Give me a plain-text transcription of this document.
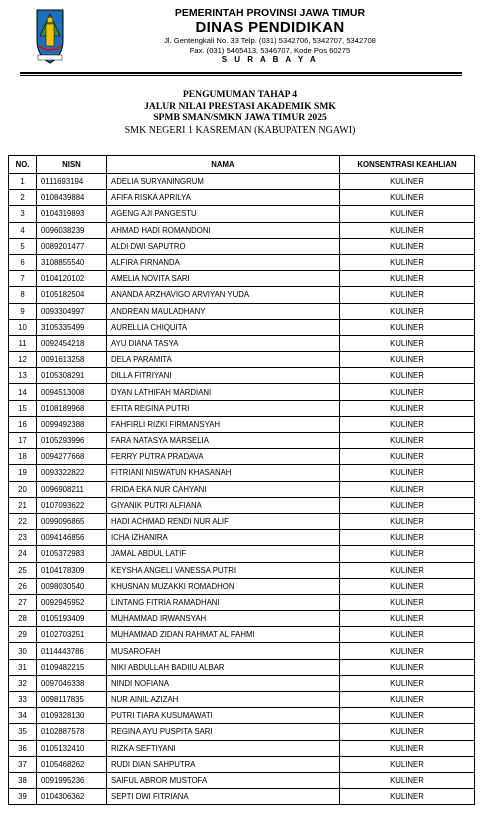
PEMERINTAH PROVINSI JAWA TIMUR
DINAS PENDIDIKAN
Jl. Gentengkali No. 33 Telp. (031) 5342706, 5342707, 5342708
Fax. (031) 5465413, 5346707, Kode Pos 60275
S U R A B A Y A
PENGUMUMAN TAHAP 4
JALUR NILAI PRESTASI AKADEMIK SMK
SPMB SMAN/SMKN JAWA TIMUR 2025
SMK NEGERI 1 KASREMAN (KABUPATEN NGAWI)
NO.	NISN	NAMA	KONSENTRASI KEAHLIAN
1	0111693194	ADELIA SURYANINGRUM	KULINER
2	0108439884	AFIFA RISKA APRILYA	KULINER
3	0104319893	AGENG AJI PANGESTU	KULINER
4	0096038239	AHMAD HADI ROMANDONI	KULINER
5	0089201477	ALDI DWI SAPUTRO	KULINER
6	3108855540	ALFIRA FIRNANDA	KULINER
7	0104120102	AMELIA NOVITA SARI	KULINER
8	0105182504	ANANDA ARZHAVIGO ARVIYAN YUDA	KULINER
9	0093304997	ANDREAN MAULADHANY	KULINER
10	3105335499	AURELLIA CHIQUITA	KULINER
11	0092454218	AYU DIANA TASYA	KULINER
12	0091613258	DELA PARAMITA	KULINER
13	0105308291	DILLA FITRIYANI	KULINER
14	0094513008	DYAN LATHIFAH MARDIANI	KULINER
15	0108189968	EFITA REGINA PUTRI	KULINER
16	0099492388	FAHFIRLI RIZKI FIRMANSYAH	KULINER
17	0105293996	FARA NATASYA MARSELIA	KULINER
18	0094277668	FERRY PUTRA PRADAVA	KULINER
19	0093322822	FITRIANI NISWATUN KHASANAH	KULINER
20	0096908211	FRIDA EKA NUR CAHYANI	KULINER
21	0107093622	GIYANIK PUTRI ALFIANA	KULINER
22	0099096865	HADI ACHMAD RENDI NUR ALIF	KULINER
23	0094146856	ICHA IZHANIRA	KULINER
24	0105372983	JAMAL ABDUL LATIF	KULINER
25	0104178309	KEYSHA ANGELI VANESSA PUTRI	KULINER
26	0098030540	KHUSNAN MUZAKKI ROMADHON	KULINER
27	0092945952	LINTANG FITRIA RAMADHANI	KULINER
28	0105193409	MUHAMMAD IRWANSYAH	KULINER
29	0102703251	MUHAMMAD ZIDAN RAHMAT AL FAHMI	KULINER
30	0114443786	MUSAROFAH	KULINER
31	0109482215	NIKI ABDULLAH BADIIU ALBAR	KULINER
32	0097046338	NINDI NOFIANA	KULINER
33	0098117835	NUR AINIL AZIZAH	KULINER
34	0109328130	PUTRI TIARA KUSUMAWATI	KULINER
35	0102887578	REGINA AYU PUSPITA SARI	KULINER
36	0105132410	RIZKA SEFTIYANI	KULINER
37	0105468262	RUDI DIAN SAHPUTRA	KULINER
38	0091995236	SAIFUL ABROR MUSTOFA	KULINER
39	0104306362	SEPTI DWI FITRIANA	KULINER
